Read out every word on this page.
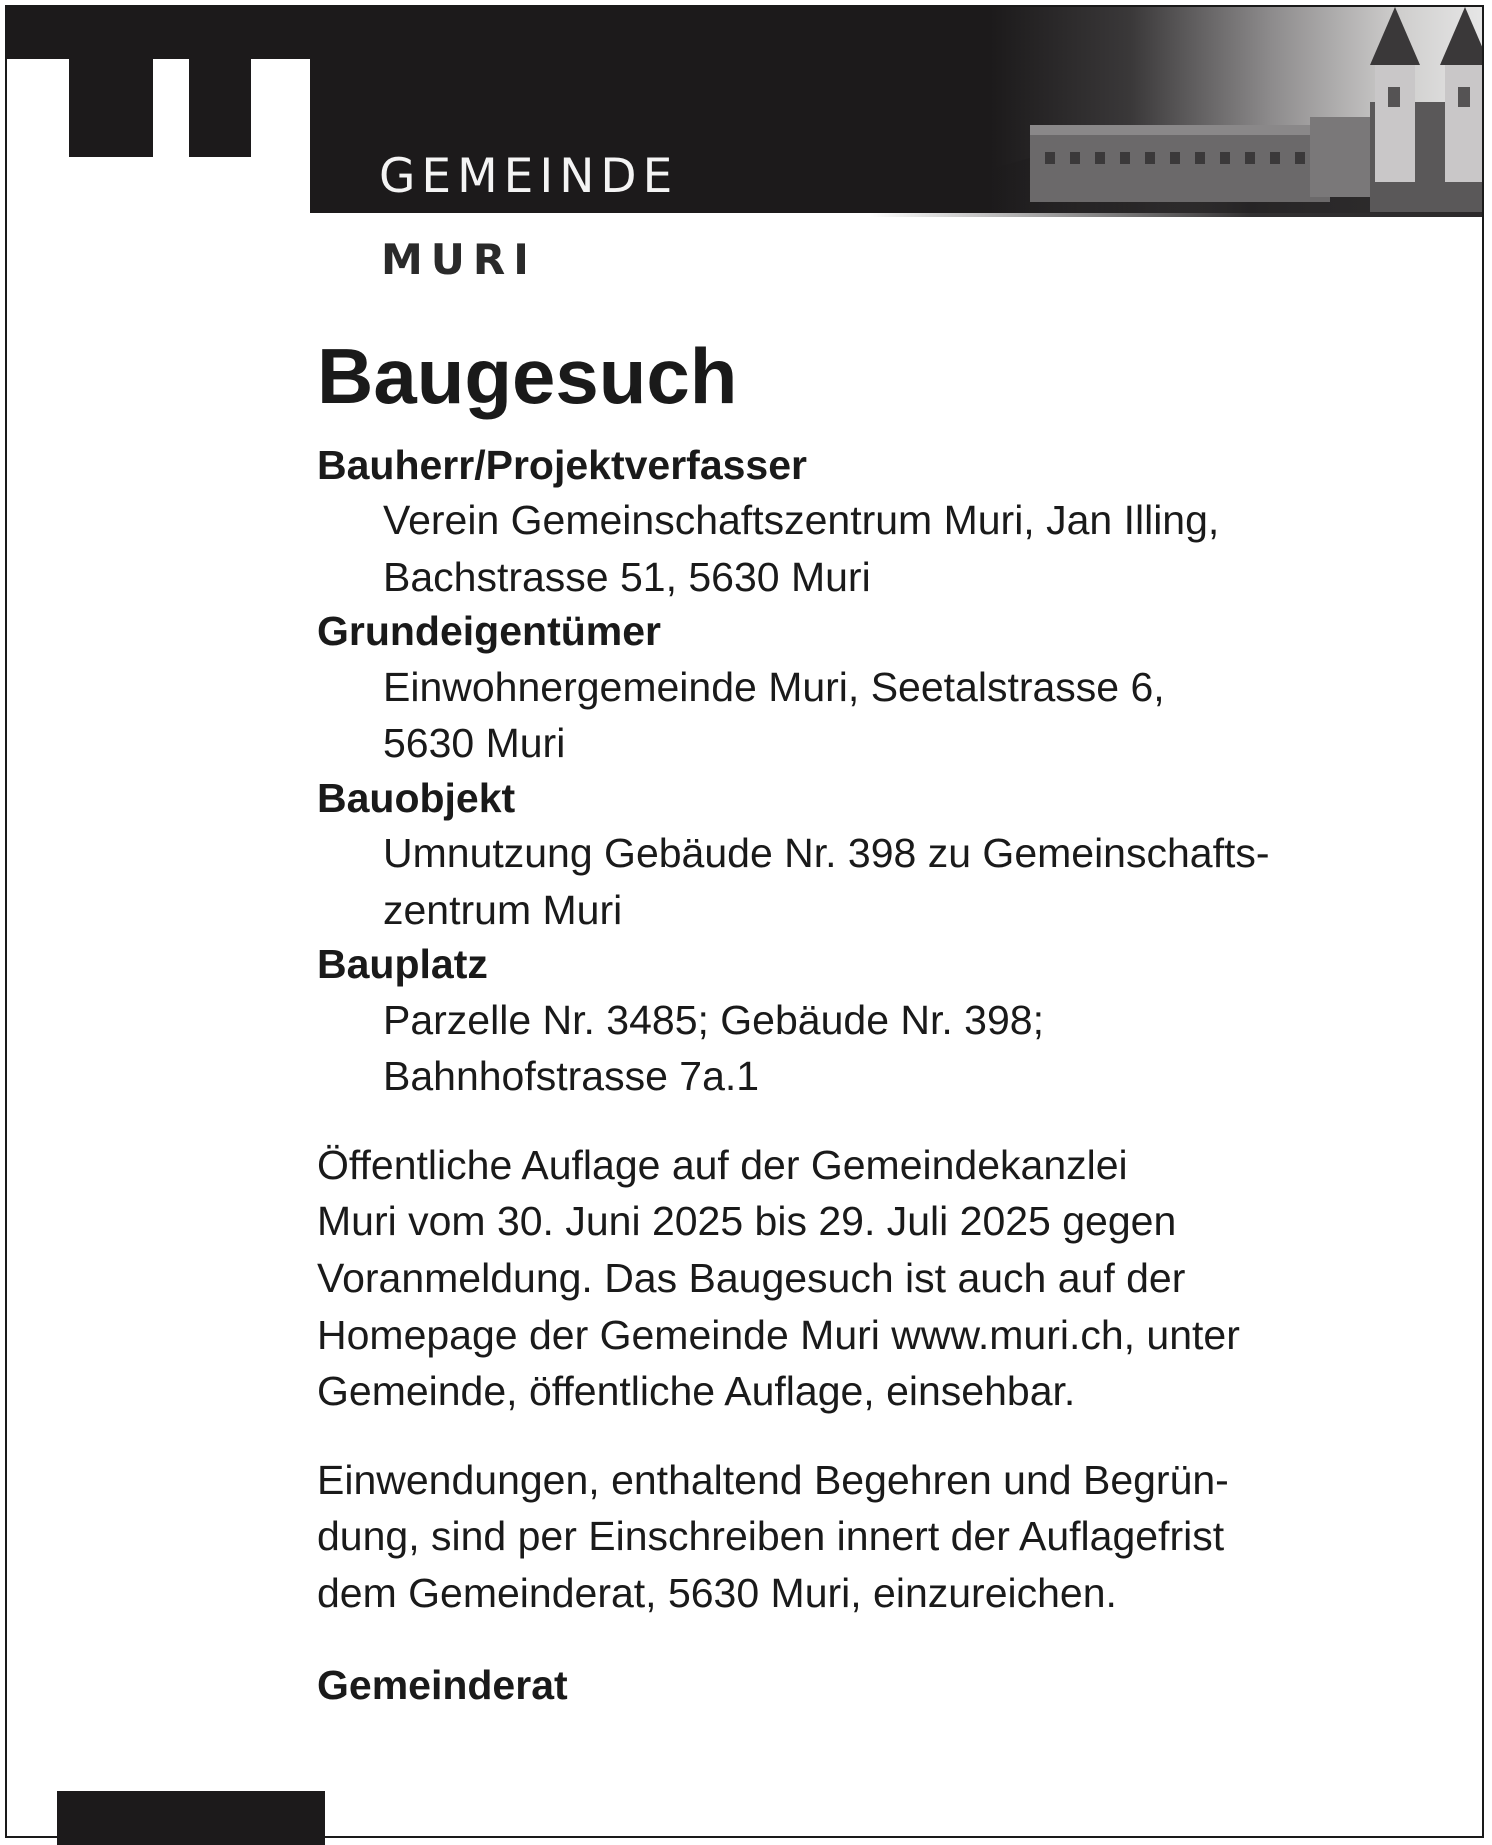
GEMEINDE
MURI
Baugesuch

Bauherr/Projektverfasser

Verein Gemeinschaftszentrum Muri, Jan Illing,
Bachstrasse 51, 5630 Muri

Grundeigentümer

Einwohnergemeinde Muri, Seetalstrasse 6,
5630 Muri

Bauobjekt

Umnutzung Gebäude Nr. 398 zu Gemeinschafts-
zentrum Muri

Bauplatz

Parzelle Nr. 3485; Gebäude Nr. 398;
Bahnhofstrasse 7a.1

Öffentliche Auflage auf der Gemeindekanzlei
Muri vom 30. Juni 2025 bis 29. Juli 2025 gegen
Voranmeldung. Das Baugesuch ist auch auf der
Homepage der Gemeinde Muri www.muri.ch, unter
Gemeinde, öffentliche Auflage, einsehbar.

Einwendungen, enthaltend Begehren und Begrün-
dung, sind per Einschreiben innert der Auflagefrist
dem Gemeinderat, 5630 Muri, einzureichen.

Gemeinderat
